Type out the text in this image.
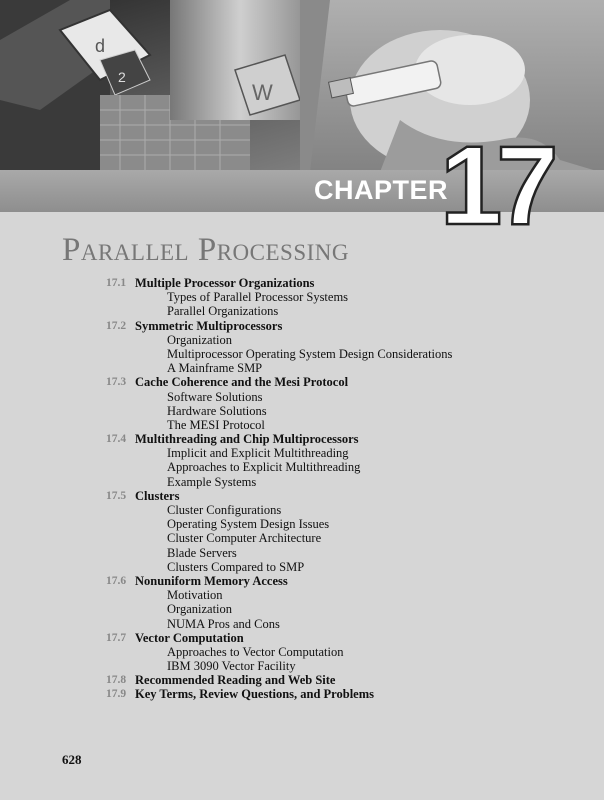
d
2
W
CHAPTER
17
Parallel Processing
17.1 Multiple Processor Organizations
Types of Parallel Processor Systems
Parallel Organizations
17.2 Symmetric Multiprocessors
Organization
Multiprocessor Operating System Design Considerations
A Mainframe SMP
17.3 Cache Coherence and the Mesi Protocol
Software Solutions
Hardware Solutions
The MESI Protocol
17.4 Multithreading and Chip Multiprocessors
Implicit and Explicit Multithreading
Approaches to Explicit Multithreading
Example Systems
17.5 Clusters
Cluster Configurations
Operating System Design Issues
Cluster Computer Architecture
Blade Servers
Clusters Compared to SMP
17.6 Nonuniform Memory Access
Motivation
Organization
NUMA Pros and Cons
17.7 Vector Computation
Approaches to Vector Computation
IBM 3090 Vector Facility
17.8 Recommended Reading and Web Site
17.9 Key Terms, Review Questions, and Problems
628
